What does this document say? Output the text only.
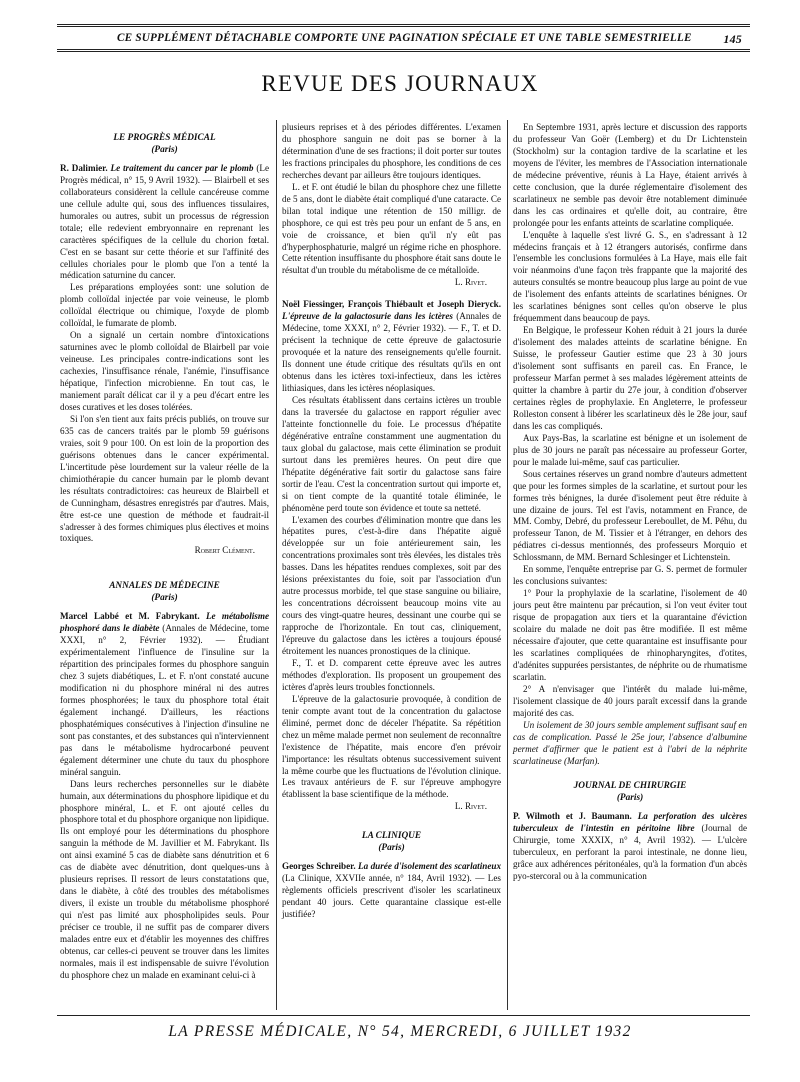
CE SUPPLÉMENT DÉTACHABLE COMPORTE UNE PAGINATION SPÉCIALE ET UNE TABLE SEMESTRIELLE	145
REVUE DES JOURNAUX

LE PROGRÈS MÉDICAL

(Paris)

R. Dalimier. Le traitement du cancer par le plomb (Le Progrès médical, n° 15, 9 Avril 1932). — Blairbell et ses collaborateurs considèrent la cellule cancéreuse comme une cellule adulte qui, sous des influences tissulaires, humorales ou autres, subit un processus de régression totale; elle redevient embryonnaire en reprenant les caractères spécifiques de la cellule du chorion fœtal. C'est en se basant sur cette théorie et sur l'affinité des cellules choriales pour le plomb que l'on a tenté la médication saturnine du cancer.

Les préparations employées sont: une solution de plomb colloïdal injectée par voie veineuse, le plomb colloïdal électrique ou chimique, l'oxyde de plomb colloïdal, le fumarate de plomb.

On a signalé un certain nombre d'intoxications saturnines avec le plomb colloïdal de Blairbell par voie veineuse. Les principales contre-indications sont les cachexies, l'insuffisance rénale, l'anémie, l'insuffisance hépatique, l'infection microbienne. En tout cas, le maniement paraît délicat car il y a peu d'écart entre les doses curatives et les doses tolérées.

Si l'on s'en tient aux faits précis publiés, on trouve sur 635 cas de cancers traités par le plomb 59 guérisons vraies, soit 9 pour 100. On est loin de la proportion des guérisons obtenues dans le cancer expérimental. L'incertitude pèse lourdement sur la valeur réelle de la chimiothérapie du cancer humain par le plomb devant les résultats contradictoires: cas heureux de Blairbell et de Cunningham, désastres enregistrés par d'autres. Mais, être est-ce une question de méthode et faudrait-il s'adresser à des formes chimiques plus électives et moins toxiques.

Robert Clément.

ANNALES DE MÉDECINE

(Paris)

Marcel Labbé et M. Fabrykant. Le métabolisme phosphoré dans le diabète (Annales de Médecine, tome XXXI, n° 2, Février 1932). — Étudiant expérimentalement l'influence de l'insuline sur la répartition des principales formes du phosphore sanguin chez 3 sujets diabétiques, L. et F. n'ont constaté aucune modification ni du phosphore minéral ni des autres formes phosphorées; le taux du phosphore total était également inchangé. D'ailleurs, les réactions phosphatémiques consécutives à l'injection d'insuline ne sont pas constantes, et des substances qui n'interviennent pas dans le métabolisme hydrocarboné peuvent également déterminer une chute du taux du phosphore minéral sanguin.

Dans leurs recherches personnelles sur le diabète humain, aux déterminations du phosphore lipidique et du phosphore minéral, L. et F. ont ajouté celles du phosphore total et du phosphore organique non lipidique. Ils ont employé pour les déterminations du phosphore sanguin la méthode de M. Javillier et M. Fabrykant. Ils ont ainsi examiné 5 cas de diabète sans dénutrition et 6 cas de diabète avec dénutrition, dont quelques-uns à plusieurs reprises. Il ressort de leurs constatations que, dans le diabète, à côté des troubles des métabolismes divers, il existe un trouble du métabolisme phosphoré qui n'est pas limité aux phospholipides seuls. Pour préciser ce trouble, il ne suffit pas de comparer divers malades entre eux et d'établir les moyennes des chiffres obtenus, car celles-ci peuvent se trouver dans les limites normales, mais il est indispensable de suivre l'évolution du phosphore chez un malade en examinant celui-ci à

plusieurs reprises et à des périodes différentes. L'examen du phosphore sanguin ne doit pas se borner à la détermination d'une de ses fractions; il doit porter sur toutes les fractions principales du phosphore, les conditions de ces recherches devant par ailleurs être toujours identiques.

L. et F. ont étudié le bilan du phosphore chez une fillette de 5 ans, dont le diabète était compliqué d'une cataracte. Ce bilan total indique une rétention de 150 milligr. de phosphore, ce qui est très peu pour un enfant de 5 ans, en voie de croissance, et bien qu'il n'y eût pas d'hyperphosphaturie, malgré un régime riche en phosphore. Cette rétention insuffisante du phosphore était sans doute le résultat d'un trouble du métabolisme de ce métalloïde.

L. Rivet.

Noël Fiessinger, François Thiébault et Joseph Dieryck. L'épreuve de la galactosurie dans les ictères (Annales de Médecine, tome XXXI, n° 2, Février 1932). — F., T. et D. précisent la technique de cette épreuve de galactosurie provoquée et la nature des renseignements qu'elle fournit. Ils donnent une étude critique des résultats qu'ils en ont obtenus dans les ictères toxi-infectieux, dans les ictères lithiasiques, dans les ictères néoplasiques.

Ces résultats établissent dans certains ictères un trouble dans la traversée du galactose en rapport régulier avec l'atteinte fonctionnelle du foie. Le processus d'hépatite dégénérative entraîne constamment une augmentation du taux global du galactose, mais cette élimination se produit surtout dans les premières heures. On peut dire que l'hépatite dégénérative fait sortir du galactose sans faire sortir de l'eau. C'est la concentration surtout qui importe et, si on tient compte de la quantité totale éliminée, le phénomène perd toute son évidence et toute sa netteté.

L'examen des courbes d'élimination montre que dans les hépatites pures, c'est-à-dire dans l'hépatite aiguë développée sur un foie antérieurement sain, les concentrations proximales sont très élevées, les distales très basses. Dans les hépatites rendues complexes, soit par des lésions préexistantes du foie, soit par l'association d'un autre processus morbide, tel que stase sanguine ou biliaire, les concentrations décroissent beaucoup moins vite au cours des vingt-quatre heures, dessinant une courbe qui se rapproche de l'horizontale. En tout cas, cliniquement, l'épreuve du galactose dans les ictères a toujours épousé étroitement les nuances pronostiques de la clinique.

F., T. et D. comparent cette épreuve avec les autres méthodes d'exploration. Ils proposent un groupement des ictères d'après leurs troubles fonctionnels.

L'épreuve de la galactosurie provoquée, à condition de tenir compte avant tout de la concentration du galactose éliminé, permet donc de déceler l'hépatite. Sa répétition chez un même malade permet non seulement de reconnaître l'existence de l'hépatite, mais encore d'en prévoir l'importance: les résultats obtenus successivement suivent la même courbe que les fluctuations de l'évolution clinique. Les travaux antérieurs de F. sur l'épreuve amphogyre établissent la base scientifique de la méthode.

L. Rivet.

LA CLINIQUE

(Paris)

Georges Schreiber. La durée d'isolement des scarlatineux (La Clinique, XXVIIe année, n° 184, Avril 1932). — Les règlements officiels prescrivent d'isoler les scarlatineux pendant 40 jours. Cette quarantaine classique est-elle justifiée?

En Septembre 1931, après lecture et discussion des rapports du professeur Van Goër (Lemberg) et du Dr Lichtenstein (Stockholm) sur la contagion tardive de la scarlatine et les moyens de l'éviter, les membres de l'Association internationale de médecine préventive, réunis à La Haye, étaient arrivés à cette conclusion, que la durée réglementaire d'isolement des scarlatineux ne semble pas devoir être notablement diminuée dans les cas ordinaires et qu'elle doit, au contraire, être prolongée pour les enfants atteints de scarlatine compliquée.

L'enquête à laquelle s'est livré G. S., en s'adressant à 12 médecins français et à 12 étrangers autorisés, confirme dans l'ensemble les conclusions formulées à La Haye, mais elle fait voir néanmoins d'une façon très frappante que la majorité des auteurs consultés se montre beaucoup plus large au point de vue de l'isolement des enfants atteints de scarlatines bénignes. Or les scarlatines bénignes sont celles qu'on observe le plus fréquemment dans beaucoup de pays.

En Belgique, le professeur Kohen réduit à 21 jours la durée d'isolement des malades atteints de scarlatine bénigne. En Suisse, le professeur Gautier estime que 23 à 30 jours d'isolement sont suffisants en pareil cas. En France, le professeur Marfan permet à ses malades légèrement atteints de quitter la chambre à partir du 27e jour, à condition d'observer certaines règles de prophylaxie. En Angleterre, le professeur Rolleston consent à libérer les scarlatineux dès le 28e jour, sauf dans les cas compliqués.

Aux Pays-Bas, la scarlatine est bénigne et un isolement de plus de 30 jours ne paraît pas nécessaire au professeur Gorter, pour le malade lui-même, sauf cas particulier.

Sous certaines réserves un grand nombre d'auteurs admettent que pour les formes simples de la scarlatine, et surtout pour les formes très bénignes, la durée d'isolement peut être réduite à une dizaine de jours. Tel est l'avis, notamment en France, de MM. Comby, Debré, du professeur Lereboullet, de M. Péhu, du professeur Tanon, de M. Tissier et à l'étranger, en dehors des pédiatres ci-dessus mentionnés, des professeurs Morquio et Schlossmann, de MM. Bernard Schlesinger et Lichtenstein.

En somme, l'enquête entreprise par G. S. permet de formuler les conclusions suivantes:

1° Pour la prophylaxie de la scarlatine, l'isolement de 40 jours peut être maintenu par précaution, si l'on veut éviter tout risque de propagation aux tiers et la quarantaine d'éviction scolaire du malade ne doit pas être modifiée. Il est même nécessaire d'ajouter, que cette quarantaine est insuffisante pour les scarlatines compliquées de rhinopharyngites, d'otites, d'adénites suppurées persistantes, de néphrite ou de rhumatisme scarlatin.

2° A n'envisager que l'intérêt du malade lui-même, l'isolement classique de 40 jours paraît excessif dans la grande majorité des cas.

Un isolement de 30 jours semble amplement suffisant sauf en cas de complication. Passé le 25e jour, l'absence d'albumine permet d'affirmer que le patient est à l'abri de la néphrite scarlatineuse (Marfan).

JOURNAL DE CHIRURGIE

(Paris)

P. Wilmoth et J. Baumann. La perforation des ulcères tuberculeux de l'intestin en péritoine libre (Journal de Chirurgie, tome XXXIX, n° 4, Avril 1932). — L'ulcère tuberculeux, en perforant la paroi intestinale, ne donne lieu, grâce aux adhérences péritonéales, qu'à la formation d'un abcès pyo-stercoral ou à la communication

LA PRESSE MÉDICALE, N° 54, MERCREDI, 6 JUILLET 1932
